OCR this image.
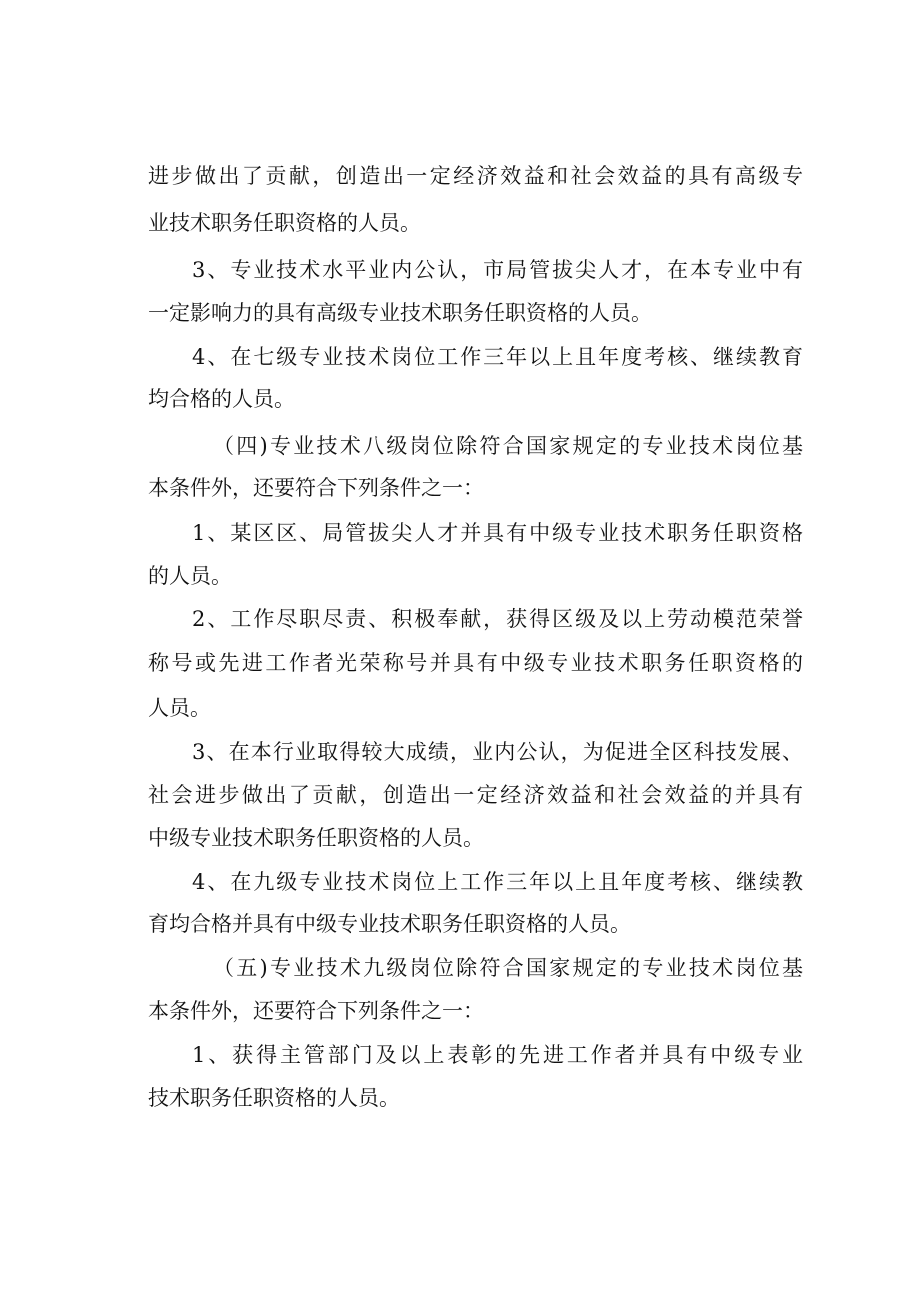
进步做出了贡献，创造出一定经济效益和社会效益的具有高级专
业技术职务任职资格的人员。
3、专业技术水平业内公认，市局管拔尖人才，在本专业中有
一定影响力的具有高级专业技术职务任职资格的人员。
4、在七级专业技术岗位工作三年以上且年度考核、继续教育
均合格的人员。
（四)专业技术八级岗位除符合国家规定的专业技术岗位基
本条件外，还要符合下列条件之一：
1、某区区、局管拔尖人才并具有中级专业技术职务任职资格
的人员。
2、工作尽职尽责、积极奉献，获得区级及以上劳动模范荣誉
称号或先进工作者光荣称号并具有中级专业技术职务任职资格的
人员。
3、在本行业取得较大成绩，业内公认，为促进全区科技发展、
社会进步做出了贡献，创造出一定经济效益和社会效益的并具有
中级专业技术职务任职资格的人员。
4、在九级专业技术岗位上工作三年以上且年度考核、继续教
育均合格并具有中级专业技术职务任职资格的人员。
（五)专业技术九级岗位除符合国家规定的专业技术岗位基
本条件外，还要符合下列条件之一：
1、获得主管部门及以上表彰的先进工作者并具有中级专业
技术职务任职资格的人员。
